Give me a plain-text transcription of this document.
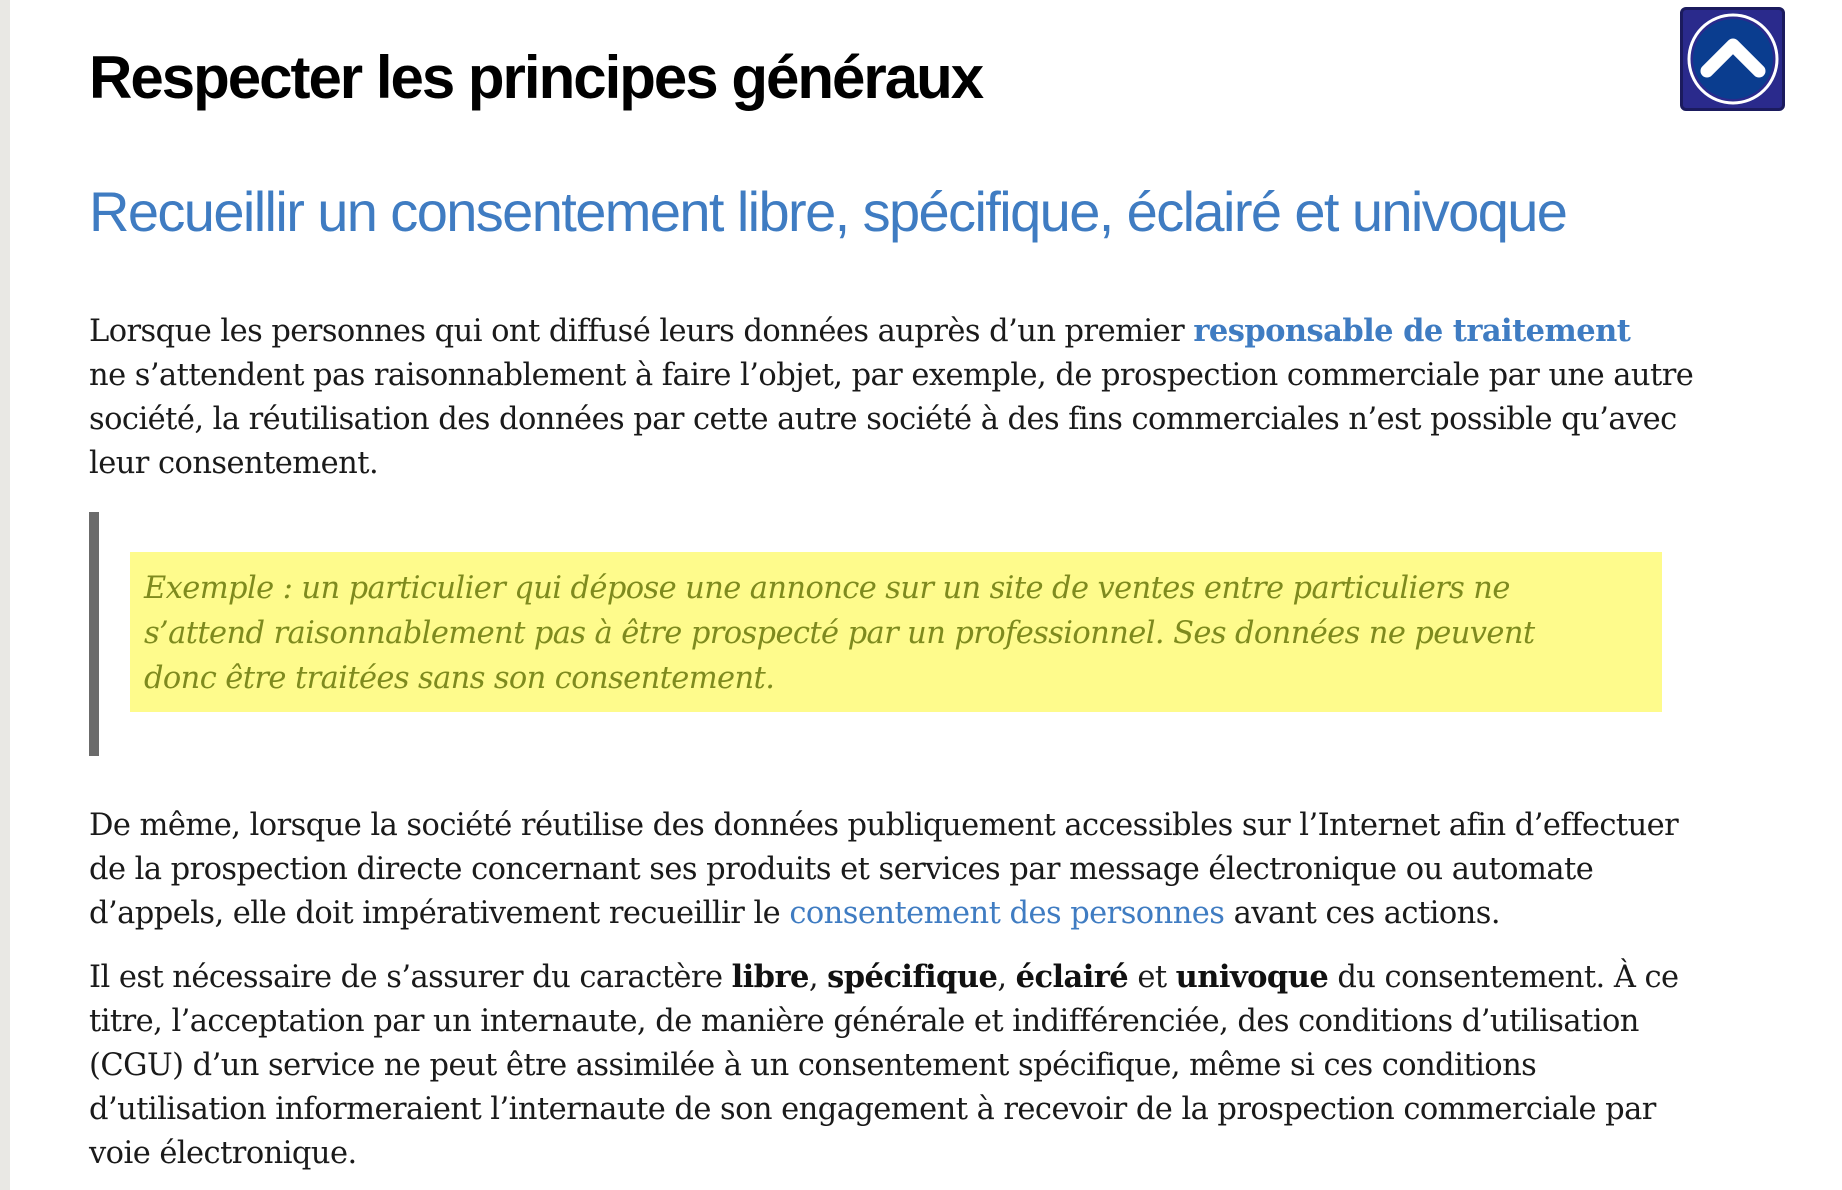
Respecter les principes généraux
Recueillir un consentement libre, spécifique, éclairé et univoque

Lorsque les personnes qui ont diffusé leurs données auprès d’un premier responsable de traitement
ne s’attendent pas raisonnablement à faire l’objet, par exemple, de prospection commerciale par une autre
société, la réutilisation des données par cette autre société à des fins commerciales n’est possible qu’avec
leur consentement.

Exemple : un particulier qui dépose une annonce sur un site de ventes entre particuliers ne
s’attend raisonnablement pas à être prospecté par un professionnel. Ses données ne peuvent
donc être traitées sans son consentement.

De même, lorsque la société réutilise des données publiquement accessibles sur l’Internet afin d’effectuer
de la prospection directe concernant ses produits et services par message électronique ou automate
d’appels, elle doit impérativement recueillir le consentement des personnes avant ces actions.

Il est nécessaire de s’assurer du caractère libre, spécifique, éclairé et univoque du consentement. À ce
titre, l’acceptation par un internaute, de manière générale et indifférenciée, des conditions d’utilisation
(CGU) d’un service ne peut être assimilée à un consentement spécifique, même si ces conditions
d’utilisation informeraient l’internaute de son engagement à recevoir de la prospection commerciale par
voie électronique.
